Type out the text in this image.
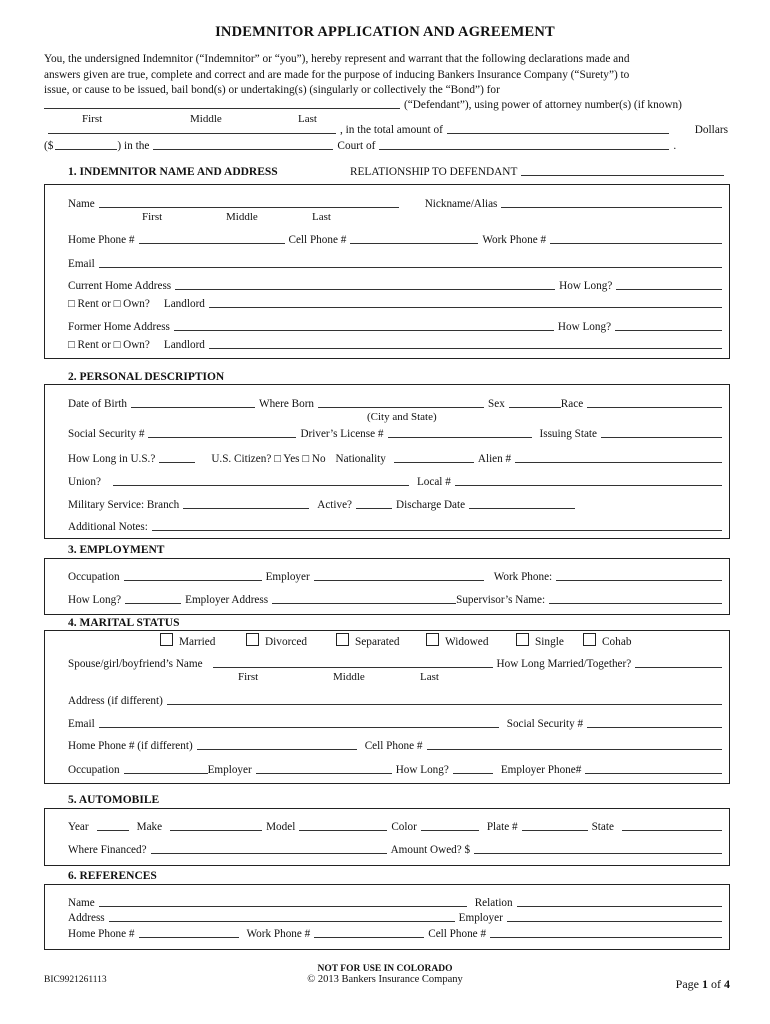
INDEMNITOR APPLICATION AND AGREEMENT
You, the undersigned Indemnitor (“Indemnitor” or “you”), hereby represent and warrant that the following declarations made and
answers given are true, complete and correct and are made for the purpose of inducing Bankers Insurance Company (“Surety”) to
issue, or cause to be issued, bail bond(s) or undertaking(s) (singularly or collectively the “Bond”) for
(“Defendant”), using power of attorney number(s) (if known)
First	Middle	Last
, in the total amount of	Dollars
($	) in the	Court of	.
1. INDEMNITOR NAME AND ADDRESS	RELATIONSHIP TO DEFENDANT
Name	Nickname/Alias
First	Middle	Last
Home Phone #	Cell Phone #	Work Phone #
Email
Current Home Address	How Long?
□ Rent or □ Own? Landlord
Former Home Address	How Long?
□ Rent or □ Own? Landlord
2. PERSONAL DESCRIPTION
Date of Birth	Where Born	Sex	Race
(City and State)
Social Security #	Driver’s License #	Issuing State
How Long in U.S.?	U.S. Citizen? □ Yes □ No Nationality	Alien #
Union?	Local #
Military Service: Branch	Active?	Discharge Date
Additional Notes:
3. EMPLOYMENT
Occupation	Employer	Work Phone:
How Long?	Employer Address	Supervisor’s Name:
4. MARITAL STATUS
Married	Divorced	Separated	Widowed	Single	Cohab
Spouse/girl/boyfriend’s Name	How Long Married/Together?
First	Middle	Last
Address (if different)
Email	Social Security #
Home Phone # (if different)	Cell Phone #
Occupation	Employer	How Long?	Employer Phone#
5. AUTOMOBILE
Year	Make	Model	Color	Plate #	State
Where Financed?	Amount Owed? $
6. REFERENCES
Name	Relation
Address	Employer
Home Phone #	Work Phone #	Cell Phone #
BIC9921261113
NOT FOR USE IN COLORADO
© 2013 Bankers Insurance Company	Page 1 of 4
